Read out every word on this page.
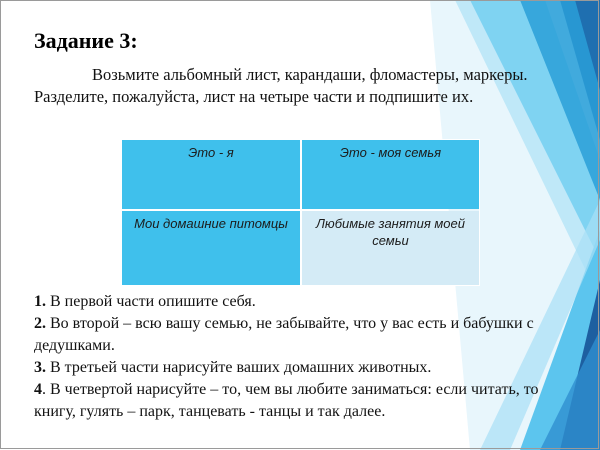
Задание 3:
Возьмите альбомный лист, карандаши, фломастеры, маркеры. Разделите, пожалуйста, лист на четыре части и подпишите их.
Это - я	Это - моя семья
Мои домашние питомцы	Любимые занятия моей семьи

1. В первой части опишите себя.

2. Во второй – всю вашу семью, не забывайте, что у вас есть и бабушки с дедушками.

3. В третьей части нарисуйте ваших домашних животных.

4. В четвертой нарисуйте – то, чем вы любите заниматься: если читать, то книгу, гулять – парк, танцевать - танцы и так далее.
